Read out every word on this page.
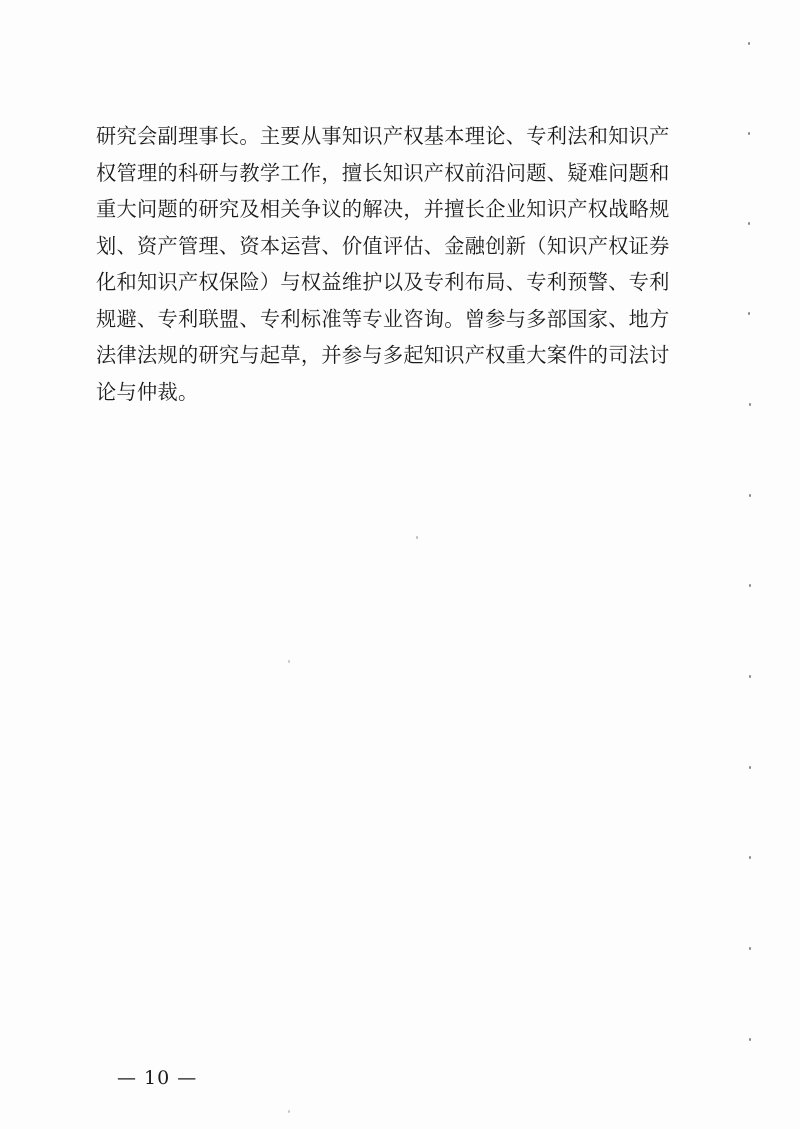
研究会副理事长。主要从事知识产权基本理论、专利法和知识产
权管理的科研与教学工作，擅长知识产权前沿问题、疑难问题和
重大问题的研究及相关争议的解决，并擅长企业知识产权战略规
划、资产管理、资本运营、价值评估、金融创新（知识产权证券
化和知识产权保险）与权益维护以及专利布局、专利预警、专利
规避、专利联盟、专利标准等专业咨询。曾参与多部国家、地方
法律法规的研究与起草，并参与多起知识产权重大案件的司法讨
论与仲裁。
— 10 —
